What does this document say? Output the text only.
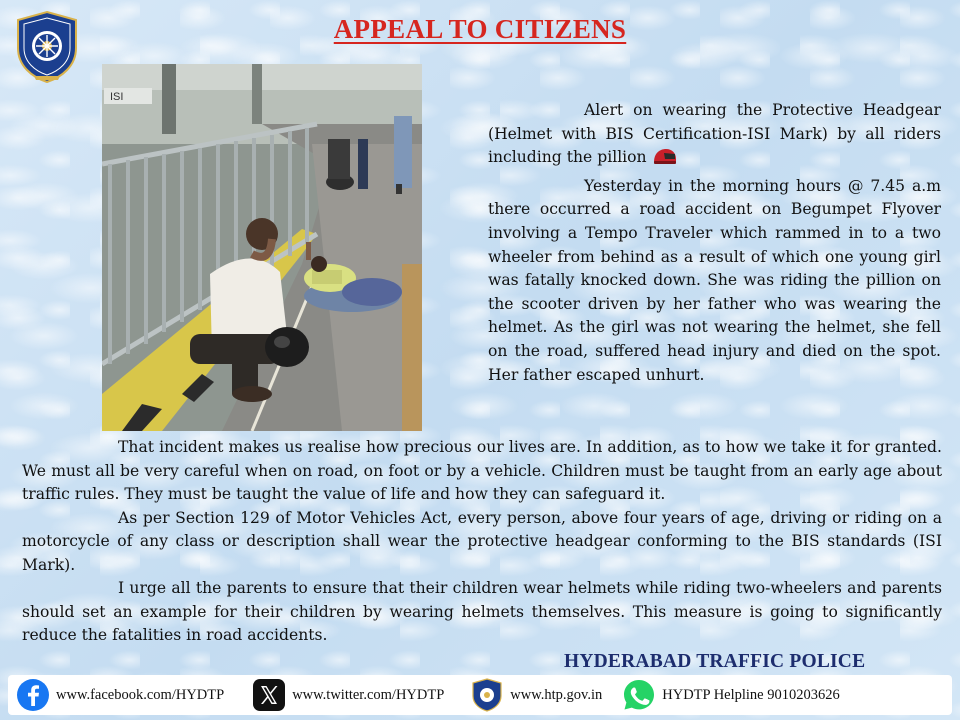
APPEAL TO CITIZENS
ISI

Alert on wearing the Protective Headgear (Helmet with BIS Certification-ISI Mark) by all riders including the pillion

Yesterday in the morning hours @ 7.45 a.m there occurred a road accident on Begumpet Flyover involving a Tempo Traveler which rammed in to a two wheeler from behind as a result of which one young girl was fatally knocked down. She was riding the pillion on the scooter driven by her father who was wearing the helmet. As the girl was not wearing the helmet, she fell on the road, suffered head injury and died on the spot. Her father escaped unhurt.

That incident makes us realise how precious our lives are. In addition, as to how we take it for granted. We must all be very careful when on road, on foot or by a vehicle. Children must be taught from an early age about traffic rules. They must be taught the value of life and how they can safeguard it.

As per Section 129 of Motor Vehicles Act, every person, above four years of age, driving or riding on a motorcycle of any class or description shall wear the protective headgear conforming to the BIS standards (ISI Mark).

I urge all the parents to ensure that their children wear helmets while riding two-wheelers and parents should set an example for their children by wearing helmets themselves. This measure is going to significantly reduce the fatalities in road accidents.

HYDERABAD TRAFFIC POLICE
www.facebook.com/HYDTP	www.twitter.com/HYDTP	www.htp.gov.in	HYDTP Helpline 9010203626
